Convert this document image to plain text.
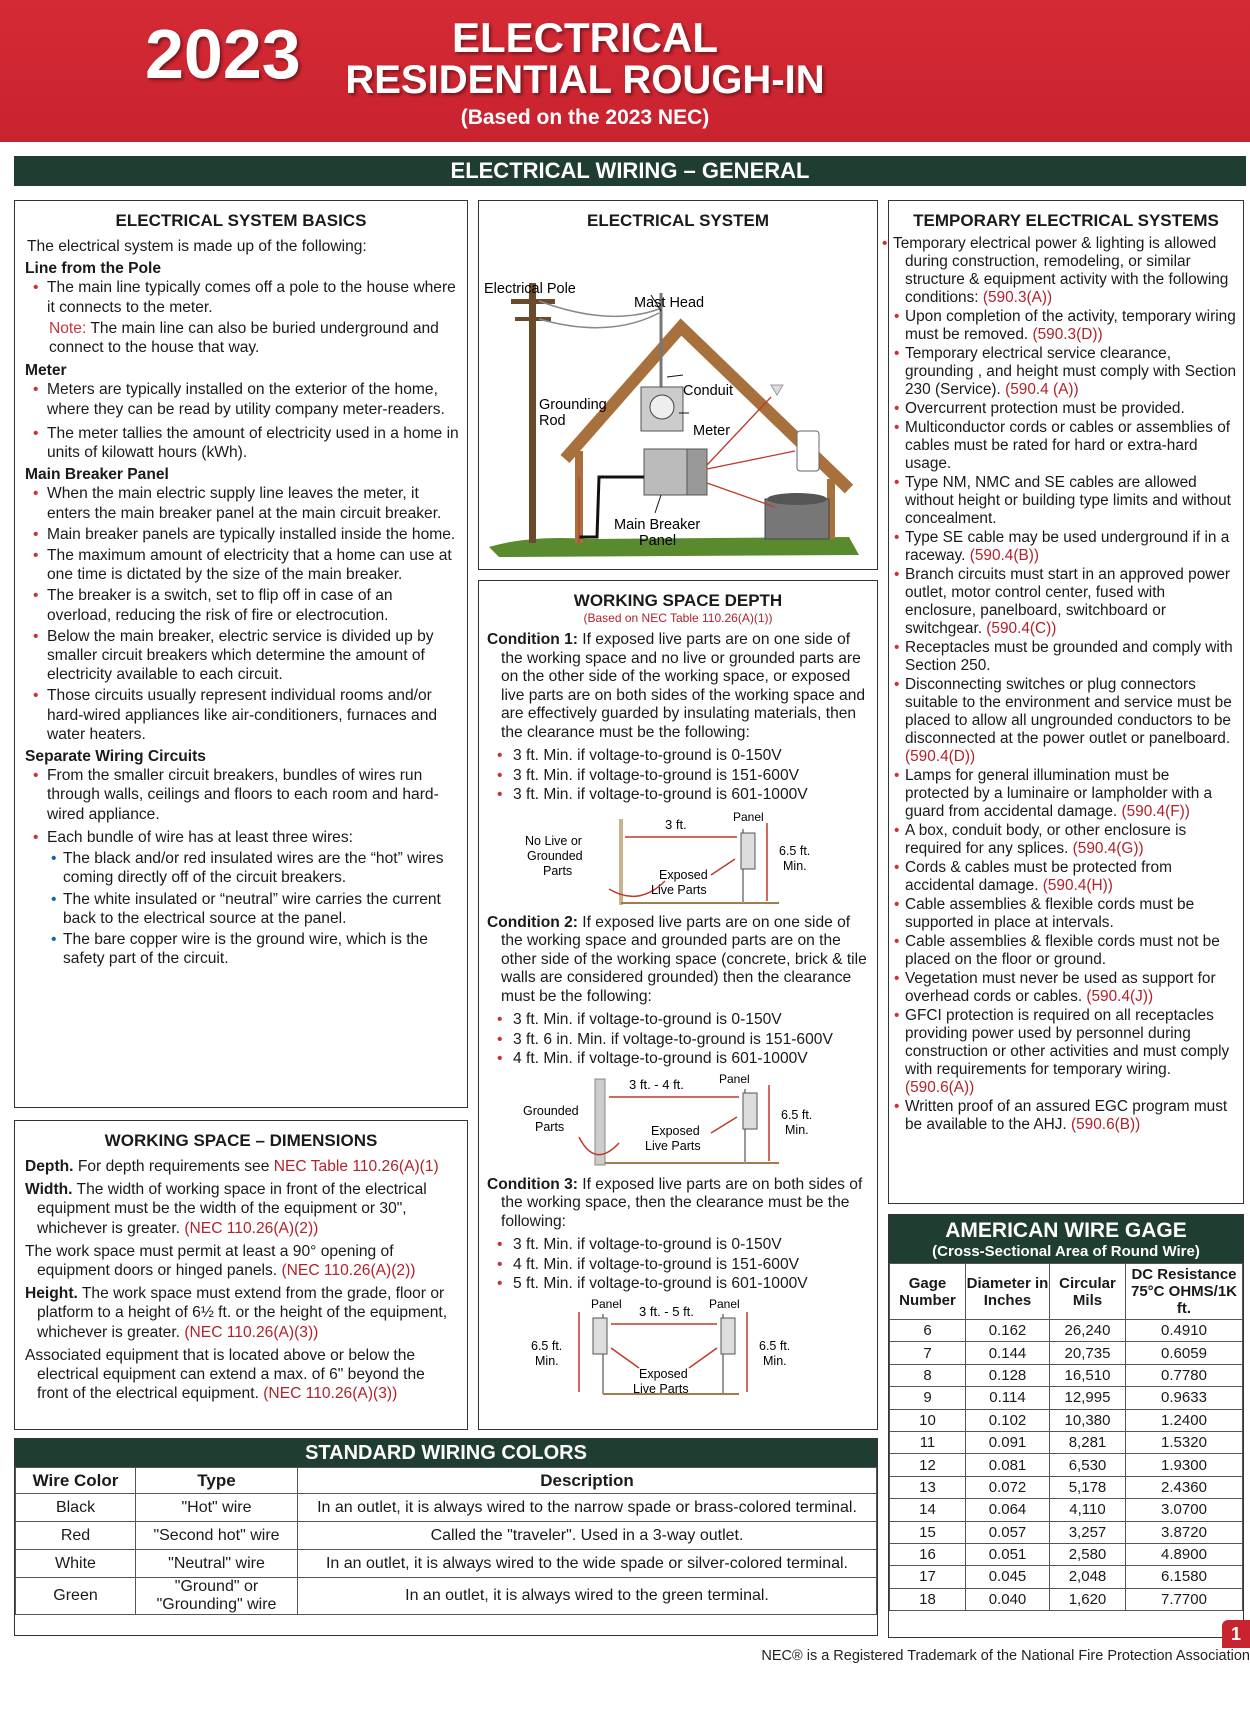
2023	ELECTRICAL
RESIDENTIAL ROUGH-IN
(Based on the 2023 NEC)
ELECTRICAL WIRING – GENERAL
ELECTRICAL SYSTEM BASICS
The electrical system is made up of the following:
Line from the Pole
• The main line typically comes off a pole to the house where it connects to the meter.
Note: The main line can also be buried underground and connect to the house that way.
Meter
• Meters are typically installed on the exterior of the home, where they can be read by utility company meter-readers.
• The meter tallies the amount of electricity used in a home in units of kilowatt hours (kWh).
Main Breaker Panel
• When the main electric supply line leaves the meter, it enters the main breaker panel at the main circuit breaker.
• Main breaker panels are typically installed inside the home.
• The maximum amount of electricity that a home can use at one time is dictated by the size of the main breaker.
• The breaker is a switch, set to flip off in case of an overload, reducing the risk of fire or electrocution.
• Below the main breaker, electric service is divided up by smaller circuit breakers which determine the amount of electricity available to each circuit.
• Those circuits usually represent individual rooms and/or hard-wired appliances like air-conditioners, furnaces and water heaters.
Separate Wiring Circuits
• From the smaller circuit breakers, bundles of wires run through walls, ceilings and floors to each room and hard-wired appliance.
• Each bundle of wire has at least three wires:
• The black and/or red insulated wires are the “hot” wires coming directly off of the circuit breakers.
• The white insulated or “neutral” wire carries the current back to the electrical source at the panel.
• The bare copper wire is the ground wire, which is the safety part of the circuit.
WORKING SPACE – DIMENSIONS
Depth. For depth requirements see NEC Table 110.26(A)(1)
Width. The width of working space in front of the electrical equipment must be the width of the equipment or 30", whichever is greater. (NEC 110.26(A)(2))
The work space must permit at least a 90° opening of equipment doors or hinged panels. (NEC 110.26(A)(2))
Height. The work space must extend from the grade, floor or platform to a height of 6½ ft. or the height of the equipment, whichever is greater. (NEC 110.26(A)(3))
Associated equipment that is located above or below the electrical equipment can extend a max. of 6" beyond the front of the electrical equipment. (NEC 110.26(A)(3))
ELECTRICAL SYSTEM
Electrical Pole
Mast Head
Grounding
Rod
Conduit
Meter
Main Breaker
Panel
WORKING SPACE DEPTH
(Based on NEC Table 110.26(A)(1))
Condition 1: If exposed live parts are on one side of the working space and no live or grounded parts are on the other side of the working space, or exposed live parts are on both sides of the working space and are effectively guarded by insulating materials, then the clearance must be the following:
• 3 ft. Min. if voltage-to-ground is 0-150V
• 3 ft. Min. if voltage-to-ground is 151-600V
• 3 ft. Min. if voltage-to-ground is 601-1000V
3 ft.	Panel
No Live or
Grounded
Parts	Exposed
Live Parts
6.5 ft.
Min.
Condition 2: If exposed live parts are on one side of the working space and grounded parts are on the other side of the working space (concrete, brick & tile walls are considered grounded) then the clearance must be the following:
• 3 ft. Min. if voltage-to-ground is 0-150V
• 3 ft. 6 in. Min. if voltage-to-ground is 151-600V
• 4 ft. Min. if voltage-to-ground is 601-1000V
3 ft. - 4 ft.	Panel
Grounded
Parts	Exposed
Live Parts
6.5 ft.
Min.
Condition 3: If exposed live parts are on both sides of the working space, then the clearance must be the following:
• 3 ft. Min. if voltage-to-ground is 0-150V
• 4 ft. Min. if voltage-to-ground is 151-600V
• 5 ft. Min. if voltage-to-ground is 601-1000V
3 ft. - 5 ft.
Panel	Panel
Exposed
Live Parts
6.5 ft.
Min.
6.5 ft.
Min.
TEMPORARY ELECTRICAL SYSTEMS
• Temporary electrical power & lighting is allowed during construction, remodeling, or similar structure & equipment activity with the following conditions: (590.3(A))
• Upon completion of the activity, temporary wiring must be removed. (590.3(D))
• Temporary electrical service clearance, grounding , and height must comply with Section 230 (Service). (590.4 (A))
• Overcurrent protection must be provided.
• Multiconductor cords or cables or assemblies of cables must be rated for hard or extra-hard usage.
• Type NM, NMC and SE cables are allowed without height or building type limits and without concealment.
• Type SE cable may be used underground if in a raceway. (590.4(B))
• Branch circuits must start in an approved power outlet, motor control center, fused with enclosure, panelboard, switchboard or switchgear. (590.4(C))
• Receptacles must be grounded and comply with Section 250.
• Disconnecting switches or plug connectors suitable to the environment and service must be placed to allow all ungrounded conductors to be disconnected at the power outlet or panelboard. (590.4(D))
• Lamps for general illumination must be protected by a luminaire or lampholder with a guard from accidental damage. (590.4(F))
• A box, conduit body, or other enclosure is required for any splices. (590.4(G))
• Cords & cables must be protected from accidental damage. (590.4(H))
• Cable assemblies & flexible cords must be supported in place at intervals.
• Cable assemblies & flexible cords must not be placed on the floor or ground.
• Vegetation must never be used as support for overhead cords or cables. (590.4(J))
• GFCI protection is required on all receptacles providing power used by personnel during construction or other activities and must comply with requirements for temporary wiring. (590.6(A))
• Written proof of an assured EGC program must be available to the AHJ. (590.6(B))
AMERICAN WIRE GAGE
(Cross-Sectional Area of Round Wire)
Gage Number	Diameter in Inches	Circular Mils	DC Resistance 75°C OHMS/1K ft.
6	0.162	26,240	0.4910
7	0.144	20,735	0.6059
8	0.128	16,510	0.7780
9	0.114	12,995	0.9633
10	0.102	10,380	1.2400
11	0.091	8,281	1.5320
12	0.081	6,530	1.9300
13	0.072	5,178	2.4360
14	0.064	4,110	3.0700
15	0.057	3,257	3.8720
16	0.051	2,580	4.8900
17	0.045	2,048	6.1580
18	0.040	1,620	7.7700
STANDARD WIRING COLORS
Wire Color	Type	Description
Black	"Hot" wire	In an outlet, it is always wired to the narrow spade or brass-colored terminal.
Red	"Second hot" wire	Called the "traveler". Used in a 3-way outlet.
White	"Neutral" wire	In an outlet, it is always wired to the wide spade or silver-colored terminal.
Green	"Ground" or "Grounding" wire	In an outlet, it is always wired to the green terminal.
1
NEC® is a Registered Trademark of the National Fire Protection Association
